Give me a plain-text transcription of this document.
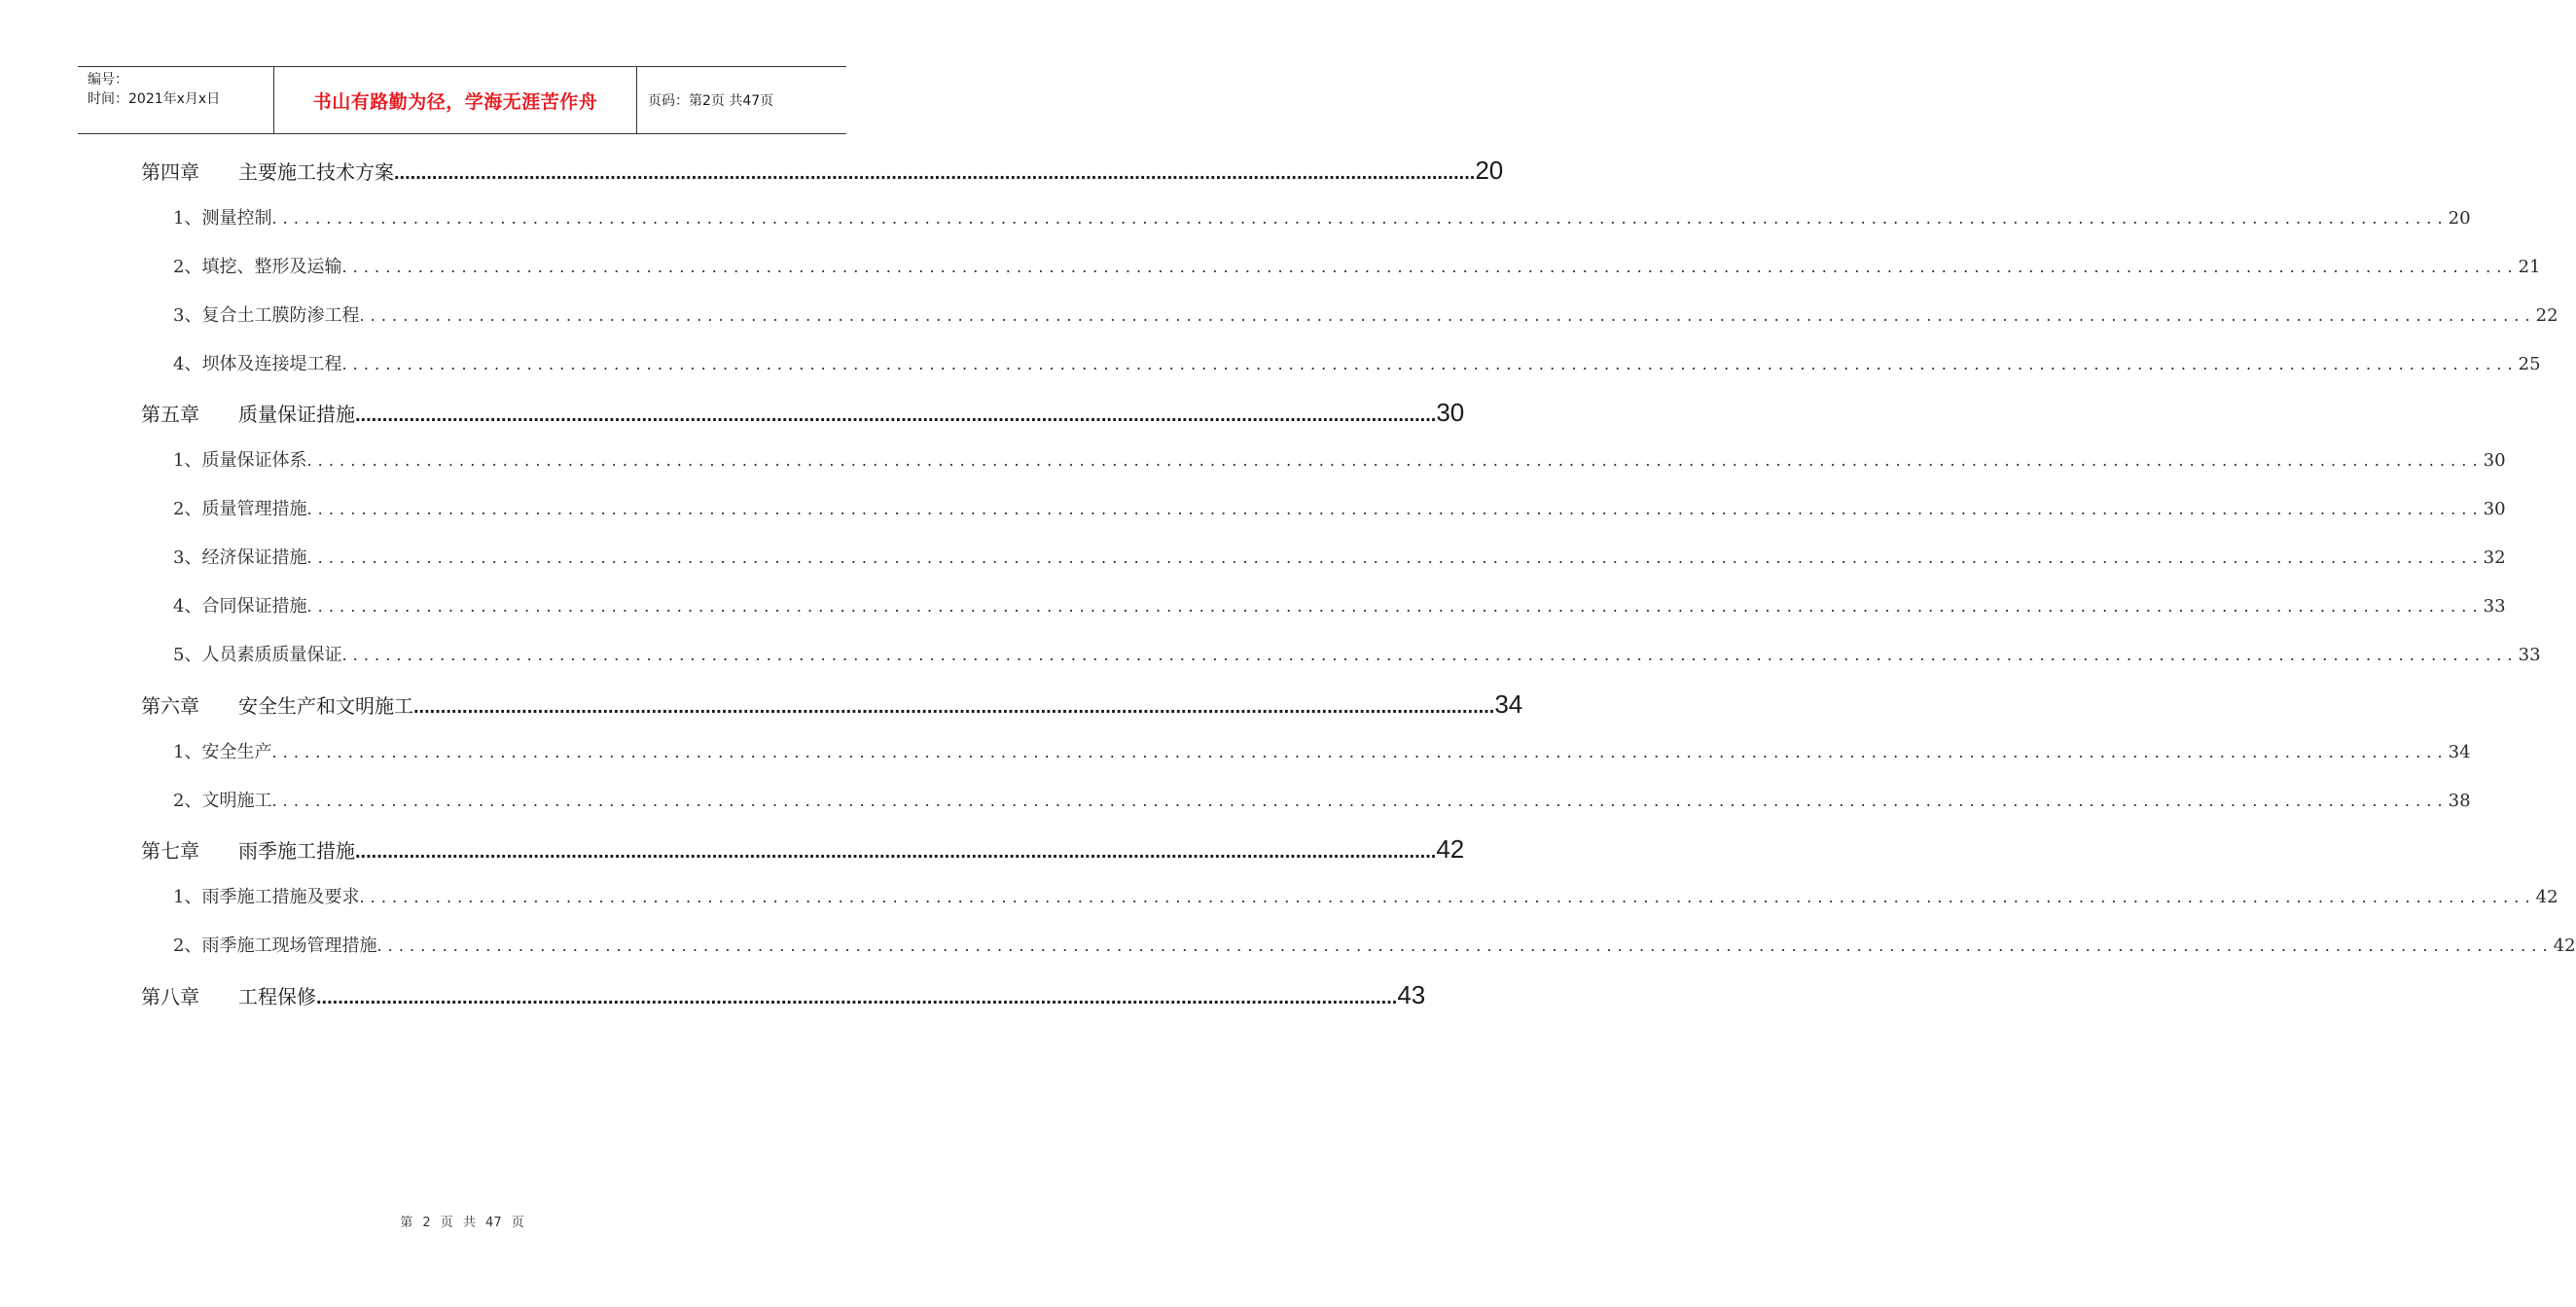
编号：
时间：2021年x月x日	书山有路勤为径，学海无涯苦作舟	页码：第2页 共47页
第四章 主要施工技术方案 ........................................................................................................................................................................................................ 20
1、测量控制 ........................................................................................................................................................................................................ 20
2、填挖、整形及运输 ........................................................................................................................................................................................................ 21
3、复合土工膜防渗工程 ........................................................................................................................................................................................................ 22
4、坝体及连接堤工程 ........................................................................................................................................................................................................ 25
第五章 质量保证措施 ........................................................................................................................................................................................................ 30
1、质量保证体系 ........................................................................................................................................................................................................ 30
2、质量管理措施 ........................................................................................................................................................................................................ 30
3、经济保证措施 ........................................................................................................................................................................................................ 32
4、合同保证措施 ........................................................................................................................................................................................................ 33
5、人员素质质量保证 ........................................................................................................................................................................................................ 33
第六章 安全生产和文明施工 ........................................................................................................................................................................................................ 34
1、安全生产 ........................................................................................................................................................................................................ 34
2、文明施工 ........................................................................................................................................................................................................ 38
第七章 雨季施工措施 ........................................................................................................................................................................................................ 42
1、雨季施工措施及要求 ........................................................................................................................................................................................................ 42
2、雨季施工现场管理措施 ........................................................................................................................................................................................................ 42
第八章 工程保修 ........................................................................................................................................................................................................ 43
第 2 页 共 47 页
